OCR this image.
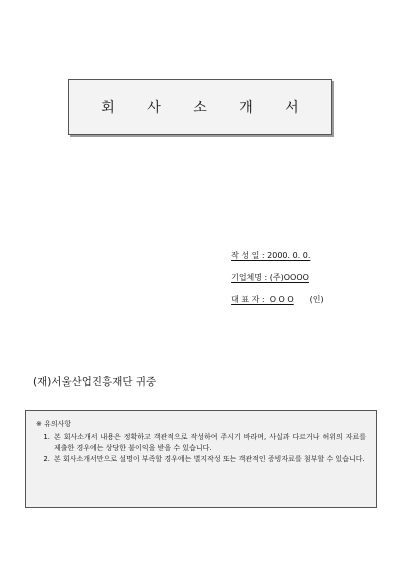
회 사 소 개 서

작 성 일 : 2000. 0. 0.

기업체명 : (주)OOOO

대 표 자 :  O O O (인)

(재)서울산업진흥재단 귀중
※ 유의사항
1. 본 회사소개서 내용은 정확하고 객관적으로 작성하여 주시기 바라며, 사실과 다르거나 허위의 자료를 제출한 경우에는 상당한 불이익을 받을 수 있습니다.
2. 본 회사소개서만으로 설명이 부족할 경우에는 별지작성 또는 객관적인 증빙자료를 첨부할 수 있습니다.
